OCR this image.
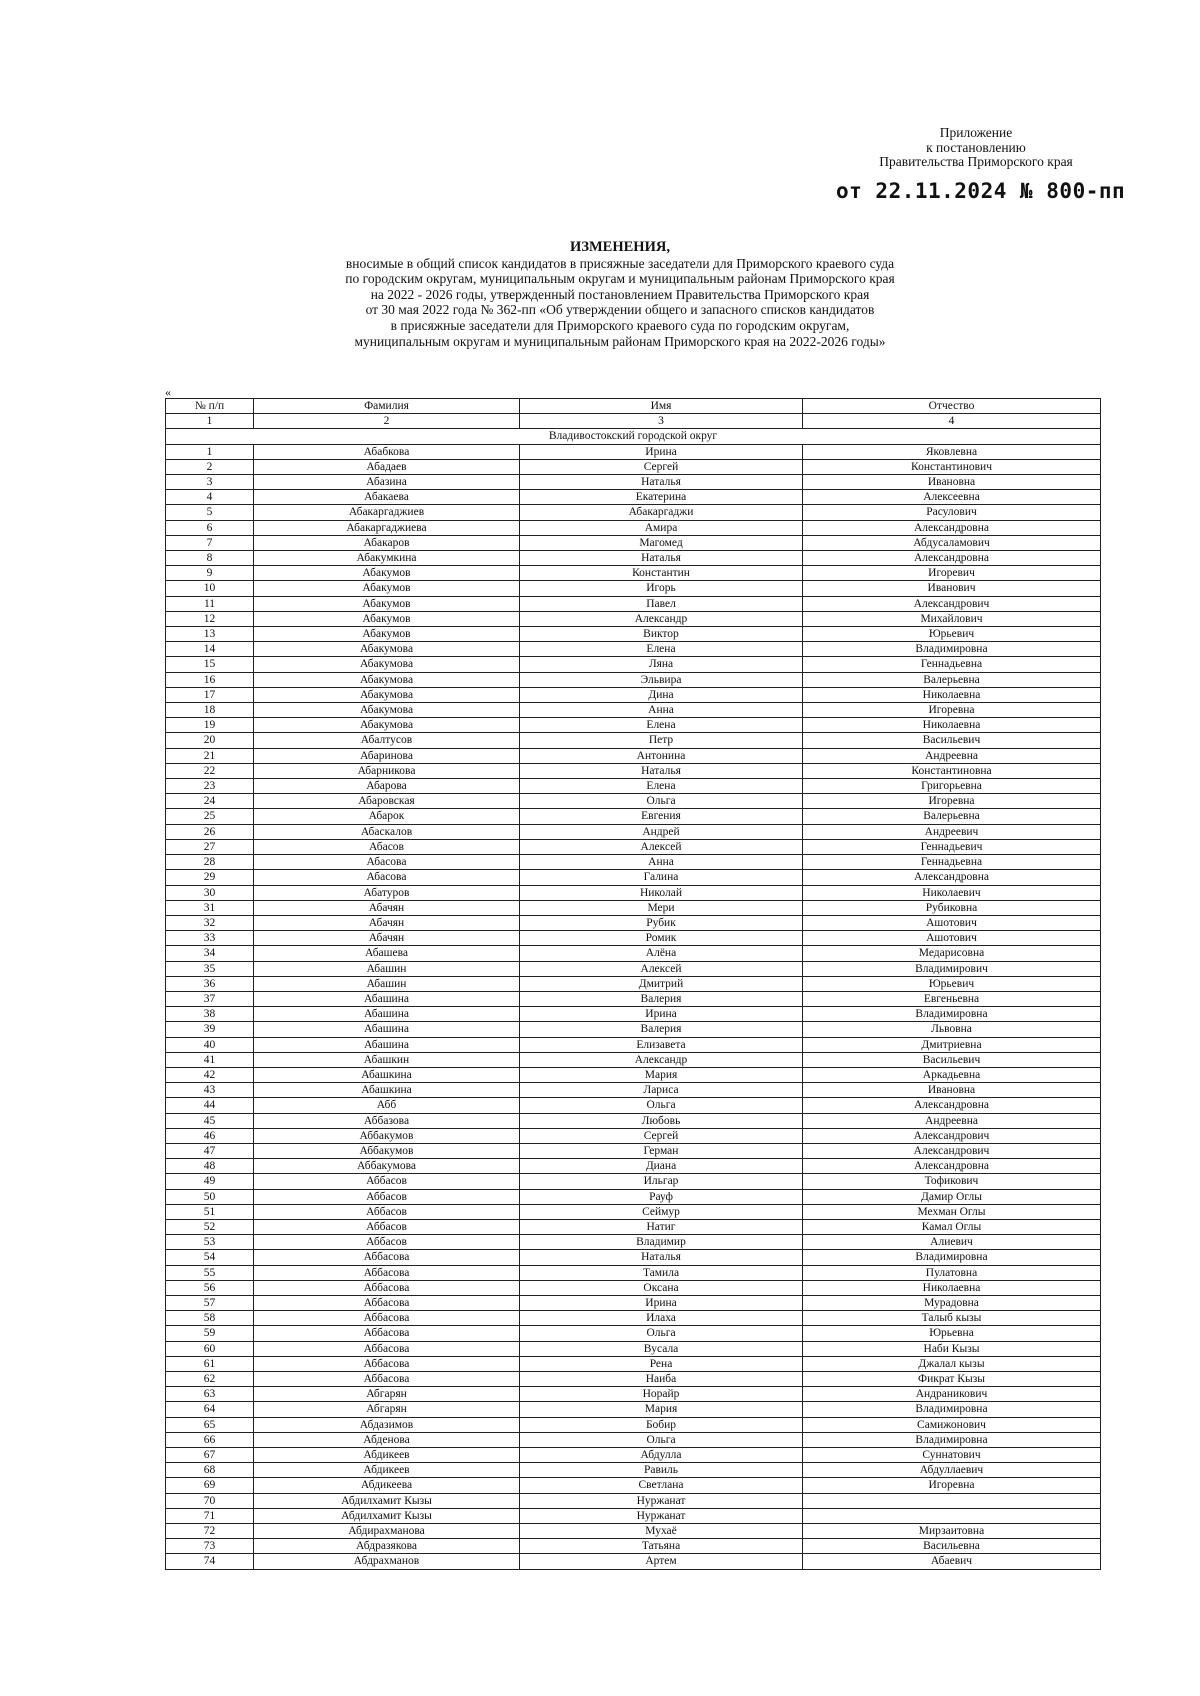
Приложение
к постановлению
Правительства Приморского края
от 22.11.2024 № 800-пп
ИЗМЕНЕНИЯ,
вносимые в общий список кандидатов в присяжные заседатели для Приморского краевого суда
по городским округам, муниципальным округам и муниципальным районам Приморского края
на 2022 - 2026 годы, утвержденный постановлением Правительства Приморского края
от 30 мая 2022 года № 362-пп «Об утверждении общего и запасного списков кандидатов
в присяжные заседатели для Приморского краевого суда по городским округам,
муниципальным округам и муниципальным районам Приморского края на 2022-2026 годы»
«
№ п/п	Фамилия	Имя	Отчество
1	2	3	4
Владивостокский городской округ			
1	Абабкова	Ирина	Яковлевна
2	Абадаев	Сергей	Константинович
3	Абазина	Наталья	Ивановна
4	Абакаева	Екатерина	Алексеевна
5	Абакаргаджиев	Абакаргаджи	Расулович
6	Абакаргаджиева	Амира	Александровна
7	Абакаров	Магомед	Абдусаламович
8	Абакумкина	Наталья	Александровна
9	Абакумов	Константин	Игоревич
10	Абакумов	Игорь	Иванович
11	Абакумов	Павел	Александрович
12	Абакумов	Александр	Михайлович
13	Абакумов	Виктор	Юрьевич
14	Абакумова	Елена	Владимировна
15	Абакумова	Ляна	Геннадьевна
16	Абакумова	Эльвира	Валерьевна
17	Абакумова	Дина	Николаевна
18	Абакумова	Анна	Игоревна
19	Абакумова	Елена	Николаевна
20	Абалтусов	Петр	Васильевич
21	Абаринова	Антонина	Андреевна
22	Абарникова	Наталья	Константиновна
23	Абарова	Елена	Григорьевна
24	Абаровская	Ольга	Игоревна
25	Абарок	Евгения	Валерьевна
26	Абаскалов	Андрей	Андреевич
27	Абасов	Алексей	Геннадьевич
28	Абасова	Анна	Геннадьевна
29	Абасова	Галина	Александровна
30	Абатуров	Николай	Николаевич
31	Абачян	Мери	Рубиковна
32	Абачян	Рубик	Ашотович
33	Абачян	Ромик	Ашотович
34	Абашева	Алёна	Медарисовна
35	Абашин	Алексей	Владимирович
36	Абашин	Дмитрий	Юрьевич
37	Абашина	Валерия	Евгеньевна
38	Абашина	Ирина	Владимировна
39	Абашина	Валерия	Львовна
40	Абашина	Елизавета	Дмитриевна
41	Абашкин	Александр	Васильевич
42	Абашкина	Мария	Аркадьевна
43	Абашкина	Лариса	Ивановна
44	Абб	Ольга	Александровна
45	Аббазова	Любовь	Андреевна
46	Аббакумов	Сергей	Александрович
47	Аббакумов	Герман	Александрович
48	Аббакумова	Диана	Александровна
49	Аббасов	Ильгар	Тофикович
50	Аббасов	Рауф	Дамир Оглы
51	Аббасов	Сеймур	Мехман Оглы
52	Аббасов	Натиг	Камал Оглы
53	Аббасов	Владимир	Алиевич
54	Аббасова	Наталья	Владимировна
55	Аббасова	Тамила	Пулатовна
56	Аббасова	Оксана	Николаевна
57	Аббасова	Ирина	Мурадовна
58	Аббасова	Илаха	Талыб кызы
59	Аббасова	Ольга	Юрьевна
60	Аббасова	Вусала	Наби Кызы
61	Аббасова	Рена	Джалал кызы
62	Аббасова	Наиба	Фикрат Кызы
63	Абгарян	Норайр	Андраникович
64	Абгарян	Мария	Владимировна
65	Абдазимов	Бобир	Самижонович
66	Абденова	Ольга	Владимировна
67	Абдикеев	Абдулла	Суннатович
68	Абдикеев	Равиль	Абдуллаевич
69	Абдикеева	Светлана	Игоревна
70	Абдилхамит Кызы	Нуржанат	
71	Абдилхамит Кызы	Нуржанат	
72	Абдирахманова	Мухаё	Мирзаитовна
73	Абдразякова	Татьяна	Васильевна
74	Абдрахманов	Артем	Абаевич
